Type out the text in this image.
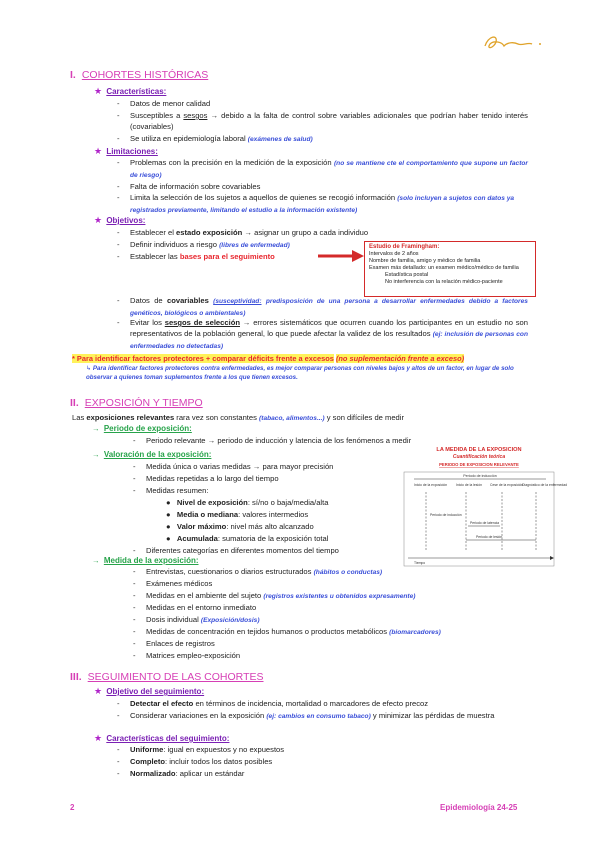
I. COHORTES HISTÓRICAS
★ Características:
- Datos de menor calidad
- Susceptibles a sesgos → debido a la falta de control sobre variables adicionales que podrían haber tenido interés (covariables)
- Se utiliza en epidemiología laboral (exámenes de salud)
★ Limitaciones:
- Problemas con la precisión en la medición de la exposición (no se mantiene cte el comportamiento que supone un factor de riesgo)
- Falta de información sobre covariables
- Limita la selección de los sujetos a aquellos de quienes se recogió información (solo incluyen a sujetos con datos ya registrados previamente, limitando el estudio a la información existente)
★ Objetivos:
- Establecer el estado exposición → asignar un grupo a cada individuo
- Definir individuos a riesgo (libres de enfermedad)
- Establecer las bases para el seguimiento
Estudio de Framingham:
Intervalos de 2 años
Nombre de familia, amigo y médico de familia
Examen más detallado: un examen médico/médico de familia
Estadística postal
No interferencia con la relación médico-paciente
- Datos de covariables (susceptividad: predisposición de una persona a desarrollar enfermedades debido a factores genéticos, biológicos o ambientales)
- Evitar los sesgos de selección → errores sistemáticos que ocurren cuando los participantes en un estudio no son representativos de la población general, lo que puede afectar la validez de los resultados (ej: inclusión de personas con enfermedades no detectadas)
* Para identificar factores protectores + comparar déficits frente a excesos (no suplementación frente a exceso)
↳ Para identificar factores protectores contra enfermedades, es mejor comparar personas con niveles bajos y altos de un factor, en lugar de solo observar a quienes toman suplementos frente a los que tienen excesos.
II. EXPOSICIÓN Y TIEMPO
Las exposiciones relevantes rara vez son constantes (tabaco, alimentos...) y son difíciles de medir
→ Periodo de exposición:
- Periodo relevante → periodo de inducción y latencia de los fenómenos a medir
→ Valoración de la exposición:
- Medida única o varias medidas → para mayor precisión
- Medidas repetidas a lo largo del tiempo
- Medidas resumen:
●   Nivel de exposición: sí/no o baja/media/alta
●   Media o mediana: valores intermedios
●   Valor máximo: nivel más alto alcanzado
●   Acumulada: sumatoria de la exposición total
- Diferentes categorías en diferentes momentos del tiempo
LA MEDIDA DE LA EXPOSICION
Cuantificación teórica
PERIODO DE EXPOSICION RELEVANTE
Periodo de inducción
Inicio de la exposición	Inicio de la lesión Cese de la exposición
Diagnóstico de la enfermedad
Periodo de inducción
Periodo de latencia
Periodo de lesión
Tiempo
→ Medida de la exposición:
- Entrevistas, cuestionarios o diarios estructurados (hábitos o conductas)
- Exámenes médicos
- Medidas en el ambiente del sujeto (registros existentes u obtenidos expresamente)
- Medidas en el entorno inmediato
- Dosis individual (Exposición/dosis)
- Medidas de concentración en tejidos humanos o productos metabólicos (biomarcadores)
- Enlaces de registros
- Matrices empleo-exposición
III. SEGUIMIENTO DE LAS COHORTES
★ Objetivo del seguimiento:
- Detectar el efecto en términos de incidencia, mortalidad o marcadores de efecto precoz
- Considerar variaciones en la exposición (ej: cambios en consumo tabaco) y minimizar las pérdidas de muestra
★ Características del seguimiento:
- Uniforme: igual en expuestos y no expuestos
- Completo: incluir todos los datos posibles
- Normalizado: aplicar un estándar
2	Epidemiología 24-25
